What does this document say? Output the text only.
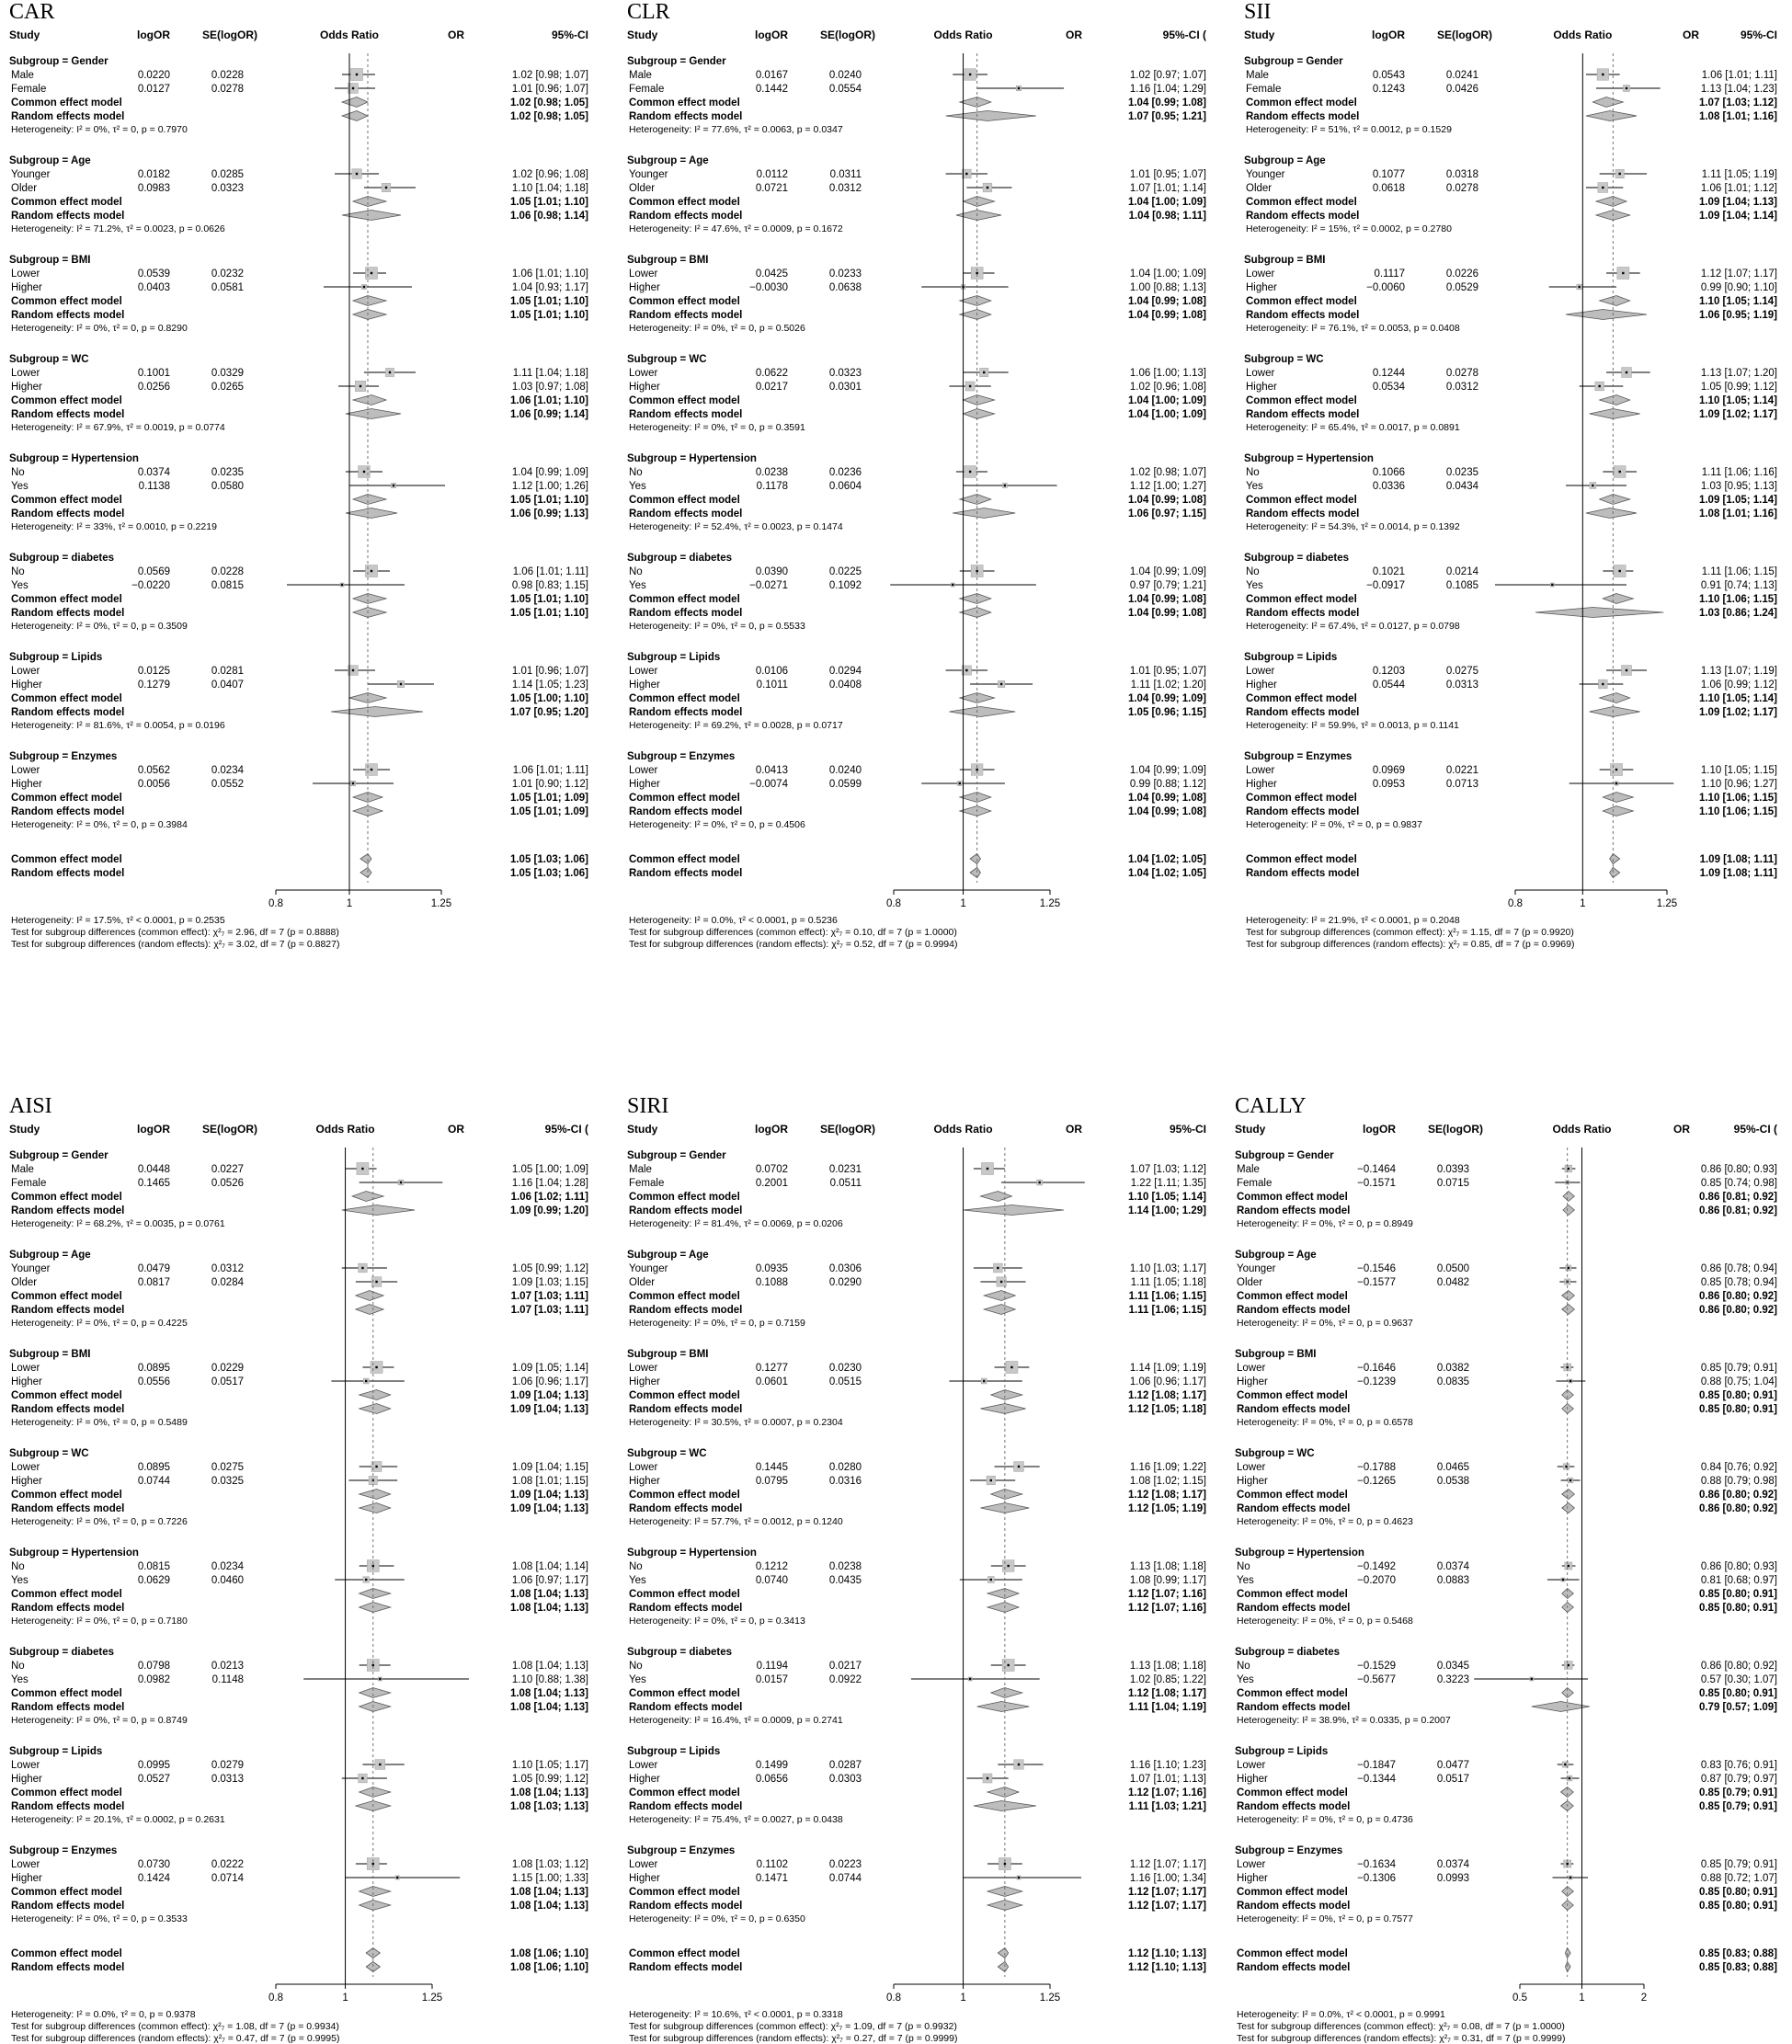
CAR
Study	logOR	SE(logOR)	Odds Ratio	OR	95%-CI
Subgroup = Gender
Male	0.0220	0.0228	1.02 [0.98; 1.07]
Female	0.0127	0.0278	1.01 [0.96; 1.07]
Common effect model	1.02 [0.98; 1.05]
Random effects model	1.02 [0.98; 1.05]
Heterogeneity: I² = 0%, τ² = 0, p = 0.7970
Subgroup = Age
Younger	0.0182	0.0285	1.02 [0.96; 1.08]
Older	0.0983	0.0323	1.10 [1.04; 1.18]
Common effect model	1.05 [1.01; 1.10]
Random effects model	1.06 [0.98; 1.14]
Heterogeneity: I² = 71.2%, τ² = 0.0023, p = 0.0626
Subgroup = BMI
Lower	0.0539	0.0232	1.06 [1.01; 1.10]
Higher	0.0403	0.0581	1.04 [0.93; 1.17]
Common effect model	1.05 [1.01; 1.10]
Random effects model	1.05 [1.01; 1.10]
Heterogeneity: I² = 0%, τ² = 0, p = 0.8290
Subgroup = WC
Lower	0.1001	0.0329	1.11 [1.04; 1.18]
Higher	0.0256	0.0265	1.03 [0.97; 1.08]
Common effect model	1.06 [1.01; 1.10]
Random effects model	1.06 [0.99; 1.14]
Heterogeneity: I² = 67.9%, τ² = 0.0019, p = 0.0774
Subgroup = Hypertension
No	0.0374	0.0235	1.04 [0.99; 1.09]
Yes	0.1138	0.0580	1.12 [1.00; 1.26]
Common effect model	1.05 [1.01; 1.10]
Random effects model	1.06 [0.99; 1.13]
Heterogeneity: I² = 33%, τ² = 0.0010, p = 0.2219
Subgroup = diabetes
No	0.0569	0.0228	1.06 [1.01; 1.11]
Yes	−0.0220	0.0815	0.98 [0.83; 1.15]
Common effect model	1.05 [1.01; 1.10]
Random effects model	1.05 [1.01; 1.10]
Heterogeneity: I² = 0%, τ² = 0, p = 0.3509
Subgroup = Lipids
Lower	0.0125	0.0281	1.01 [0.96; 1.07]
Higher	0.1279	0.0407	1.14 [1.05; 1.23]
Common effect model	1.05 [1.00; 1.10]
Random effects model	1.07 [0.95; 1.20]
Heterogeneity: I² = 81.6%, τ² = 0.0054, p = 0.0196
Subgroup = Enzymes
Lower	0.0562	0.0234	1.06 [1.01; 1.11]
Higher	0.0056	0.0552	1.01 [0.90; 1.12]
Common effect model	1.05 [1.01; 1.09]
Random effects model	1.05 [1.01; 1.09]
Heterogeneity: I² = 0%, τ² = 0, p = 0.3984
Common effect model	1.05 [1.03; 1.06]
Random effects model	1.05 [1.03; 1.06]
0.8	1	1.25
Heterogeneity: I² = 17.5%, τ² < 0.0001, p = 0.2535
Test for subgroup differences (common effect): χ²₇ = 2.96, df = 7 (p = 0.8888)
Test for subgroup differences (random effects): χ²₇ = 3.02, df = 7 (p = 0.8827)
CLR
Study	logOR	SE(logOR)	Odds Ratio	OR	95%-CI (
Subgroup = Gender
Male	0.0167	0.0240	1.02 [0.97; 1.07]
Female	0.1442	0.0554	1.16 [1.04; 1.29]
Common effect model	1.04 [0.99; 1.08]
Random effects model	1.07 [0.95; 1.21]
Heterogeneity: I² = 77.6%, τ² = 0.0063, p = 0.0347
Subgroup = Age
Younger	0.0112	0.0311	1.01 [0.95; 1.07]
Older	0.0721	0.0312	1.07 [1.01; 1.14]
Common effect model	1.04 [1.00; 1.09]
Random effects model	1.04 [0.98; 1.11]
Heterogeneity: I² = 47.6%, τ² = 0.0009, p = 0.1672
Subgroup = BMI
Lower	0.0425	0.0233	1.04 [1.00; 1.09]
Higher	−0.0030	0.0638	1.00 [0.88; 1.13]
Common effect model	1.04 [0.99; 1.08]
Random effects model	1.04 [0.99; 1.08]
Heterogeneity: I² = 0%, τ² = 0, p = 0.5026
Subgroup = WC
Lower	0.0622	0.0323	1.06 [1.00; 1.13]
Higher	0.0217	0.0301	1.02 [0.96; 1.08]
Common effect model	1.04 [1.00; 1.09]
Random effects model	1.04 [1.00; 1.09]
Heterogeneity: I² = 0%, τ² = 0, p = 0.3591
Subgroup = Hypertension
No	0.0238	0.0236	1.02 [0.98; 1.07]
Yes	0.1178	0.0604	1.12 [1.00; 1.27]
Common effect model	1.04 [0.99; 1.08]
Random effects model	1.06 [0.97; 1.15]
Heterogeneity: I² = 52.4%, τ² = 0.0023, p = 0.1474
Subgroup = diabetes
No	0.0390	0.0225	1.04 [0.99; 1.09]
Yes	−0.0271	0.1092	0.97 [0.79; 1.21]
Common effect model	1.04 [0.99; 1.08]
Random effects model	1.04 [0.99; 1.08]
Heterogeneity: I² = 0%, τ² = 0, p = 0.5533
Subgroup = Lipids
Lower	0.0106	0.0294	1.01 [0.95; 1.07]
Higher	0.1011	0.0408	1.11 [1.02; 1.20]
Common effect model	1.04 [0.99; 1.09]
Random effects model	1.05 [0.96; 1.15]
Heterogeneity: I² = 69.2%, τ² = 0.0028, p = 0.0717
Subgroup = Enzymes
Lower	0.0413	0.0240	1.04 [0.99; 1.09]
Higher	−0.0074	0.0599	0.99 [0.88; 1.12]
Common effect model	1.04 [0.99; 1.08]
Random effects model	1.04 [0.99; 1.08]
Heterogeneity: I² = 0%, τ² = 0, p = 0.4506
Common effect model	1.04 [1.02; 1.05]
Random effects model	1.04 [1.02; 1.05]
0.8	1	1.25
Heterogeneity: I² = 0.0%, τ² < 0.0001, p = 0.5236
Test for subgroup differences (common effect): χ²₇ = 0.10, df = 7 (p = 1.0000)
Test for subgroup differences (random effects): χ²₇ = 0.52, df = 7 (p = 0.9994)
SII
Study	logOR	SE(logOR)	Odds Ratio	OR	95%-CI
Subgroup = Gender
Male	0.0543	0.0241	1.06 [1.01; 1.11]
Female	0.1243	0.0426	1.13 [1.04; 1.23]
Common effect model	1.07 [1.03; 1.12]
Random effects model	1.08 [1.01; 1.16]
Heterogeneity: I² = 51%, τ² = 0.0012, p = 0.1529
Subgroup = Age
Younger	0.1077	0.0318	1.11 [1.05; 1.19]
Older	0.0618	0.0278	1.06 [1.01; 1.12]
Common effect model	1.09 [1.04; 1.13]
Random effects model	1.09 [1.04; 1.14]
Heterogeneity: I² = 15%, τ² = 0.0002, p = 0.2780
Subgroup = BMI
Lower	0.1117	0.0226	1.12 [1.07; 1.17]
Higher	−0.0060	0.0529	0.99 [0.90; 1.10]
Common effect model	1.10 [1.05; 1.14]
Random effects model	1.06 [0.95; 1.19]
Heterogeneity: I² = 76.1%, τ² = 0.0053, p = 0.0408
Subgroup = WC
Lower	0.1244	0.0278	1.13 [1.07; 1.20]
Higher	0.0534	0.0312	1.05 [0.99; 1.12]
Common effect model	1.10 [1.05; 1.14]
Random effects model	1.09 [1.02; 1.17]
Heterogeneity: I² = 65.4%, τ² = 0.0017, p = 0.0891
Subgroup = Hypertension
No	0.1066	0.0235	1.11 [1.06; 1.16]
Yes	0.0336	0.0434	1.03 [0.95; 1.13]
Common effect model	1.09 [1.05; 1.14]
Random effects model	1.08 [1.01; 1.16]
Heterogeneity: I² = 54.3%, τ² = 0.0014, p = 0.1392
Subgroup = diabetes
No	0.1021	0.0214	1.11 [1.06; 1.15]
Yes	−0.0917	0.1085	0.91 [0.74; 1.13]
Common effect model	1.10 [1.06; 1.15]
Random effects model	1.03 [0.86; 1.24]
Heterogeneity: I² = 67.4%, τ² = 0.0127, p = 0.0798
Subgroup = Lipids
Lower	0.1203	0.0275	1.13 [1.07; 1.19]
Higher	0.0544	0.0313	1.06 [0.99; 1.12]
Common effect model	1.10 [1.05; 1.14]
Random effects model	1.09 [1.02; 1.17]
Heterogeneity: I² = 59.9%, τ² = 0.0013, p = 0.1141
Subgroup = Enzymes
Lower	0.0969	0.0221	1.10 [1.05; 1.15]
Higher	0.0953	0.0713	1.10 [0.96; 1.27]
Common effect model	1.10 [1.06; 1.15]
Random effects model	1.10 [1.06; 1.15]
Heterogeneity: I² = 0%, τ² = 0, p = 0.9837
Common effect model	1.09 [1.08; 1.11]
Random effects model	1.09 [1.08; 1.11]
0.8	1	1.25
Heterogeneity: I² = 21.9%, τ² < 0.0001, p = 0.2048
Test for subgroup differences (common effect): χ²₇ = 1.15, df = 7 (p = 0.9920)
Test for subgroup differences (random effects): χ²₇ = 0.85, df = 7 (p = 0.9969)
AISI
Study	logOR	SE(logOR)	Odds Ratio	OR	95%-CI (
Subgroup = Gender
Male	0.0448	0.0227	1.05 [1.00; 1.09]
Female	0.1465	0.0526	1.16 [1.04; 1.28]
Common effect model	1.06 [1.02; 1.11]
Random effects model	1.09 [0.99; 1.20]
Heterogeneity: I² = 68.2%, τ² = 0.0035, p = 0.0761
Subgroup = Age
Younger	0.0479	0.0312	1.05 [0.99; 1.12]
Older	0.0817	0.0284	1.09 [1.03; 1.15]
Common effect model	1.07 [1.03; 1.11]
Random effects model	1.07 [1.03; 1.11]
Heterogeneity: I² = 0%, τ² = 0, p = 0.4225
Subgroup = BMI
Lower	0.0895	0.0229	1.09 [1.05; 1.14]
Higher	0.0556	0.0517	1.06 [0.96; 1.17]
Common effect model	1.09 [1.04; 1.13]
Random effects model	1.09 [1.04; 1.13]
Heterogeneity: I² = 0%, τ² = 0, p = 0.5489
Subgroup = WC
Lower	0.0895	0.0275	1.09 [1.04; 1.15]
Higher	0.0744	0.0325	1.08 [1.01; 1.15]
Common effect model	1.09 [1.04; 1.13]
Random effects model	1.09 [1.04; 1.13]
Heterogeneity: I² = 0%, τ² = 0, p = 0.7226
Subgroup = Hypertension
No	0.0815	0.0234	1.08 [1.04; 1.14]
Yes	0.0629	0.0460	1.06 [0.97; 1.17]
Common effect model	1.08 [1.04; 1.13]
Random effects model	1.08 [1.04; 1.13]
Heterogeneity: I² = 0%, τ² = 0, p = 0.7180
Subgroup = diabetes
No	0.0798	0.0213	1.08 [1.04; 1.13]
Yes	0.0982	0.1148	1.10 [0.88; 1.38]
Common effect model	1.08 [1.04; 1.13]
Random effects model	1.08 [1.04; 1.13]
Heterogeneity: I² = 0%, τ² = 0, p = 0.8749
Subgroup = Lipids
Lower	0.0995	0.0279	1.10 [1.05; 1.17]
Higher	0.0527	0.0313	1.05 [0.99; 1.12]
Common effect model	1.08 [1.04; 1.13]
Random effects model	1.08 [1.03; 1.13]
Heterogeneity: I² = 20.1%, τ² = 0.0002, p = 0.2631
Subgroup = Enzymes
Lower	0.0730	0.0222	1.08 [1.03; 1.12]
Higher	0.1424	0.0714	1.15 [1.00; 1.33]
Common effect model	1.08 [1.04; 1.13]
Random effects model	1.08 [1.04; 1.13]
Heterogeneity: I² = 0%, τ² = 0, p = 0.3533
Common effect model	1.08 [1.06; 1.10]
Random effects model	1.08 [1.06; 1.10]
0.8	1	1.25
Heterogeneity: I² = 0.0%, τ² = 0, p = 0.9378
Test for subgroup differences (common effect): χ²₇ = 1.08, df = 7 (p = 0.9934)
Test for subgroup differences (random effects): χ²₇ = 0.47, df = 7 (p = 0.9995)
SIRI
Study	logOR	SE(logOR)	Odds Ratio	OR	95%-CI
Subgroup = Gender
Male	0.0702	0.0231	1.07 [1.03; 1.12]
Female	0.2001	0.0511	1.22 [1.11; 1.35]
Common effect model	1.10 [1.05; 1.14]
Random effects model	1.14 [1.00; 1.29]
Heterogeneity: I² = 81.4%, τ² = 0.0069, p = 0.0206
Subgroup = Age
Younger	0.0935	0.0306	1.10 [1.03; 1.17]
Older	0.1088	0.0290	1.11 [1.05; 1.18]
Common effect model	1.11 [1.06; 1.15]
Random effects model	1.11 [1.06; 1.15]
Heterogeneity: I² = 0%, τ² = 0, p = 0.7159
Subgroup = BMI
Lower	0.1277	0.0230	1.14 [1.09; 1.19]
Higher	0.0601	0.0515	1.06 [0.96; 1.17]
Common effect model	1.12 [1.08; 1.17]
Random effects model	1.12 [1.05; 1.18]
Heterogeneity: I² = 30.5%, τ² = 0.0007, p = 0.2304
Subgroup = WC
Lower	0.1445	0.0280	1.16 [1.09; 1.22]
Higher	0.0795	0.0316	1.08 [1.02; 1.15]
Common effect model	1.12 [1.08; 1.17]
Random effects model	1.12 [1.05; 1.19]
Heterogeneity: I² = 57.7%, τ² = 0.0012, p = 0.1240
Subgroup = Hypertension
No	0.1212	0.0238	1.13 [1.08; 1.18]
Yes	0.0740	0.0435	1.08 [0.99; 1.17]
Common effect model	1.12 [1.07; 1.16]
Random effects model	1.12 [1.07; 1.16]
Heterogeneity: I² = 0%, τ² = 0, p = 0.3413
Subgroup = diabetes
No	0.1194	0.0217	1.13 [1.08; 1.18]
Yes	0.0157	0.0922	1.02 [0.85; 1.22]
Common effect model	1.12 [1.08; 1.17]
Random effects model	1.11 [1.04; 1.19]
Heterogeneity: I² = 16.4%, τ² = 0.0009, p = 0.2741
Subgroup = Lipids
Lower	0.1499	0.0287	1.16 [1.10; 1.23]
Higher	0.0656	0.0303	1.07 [1.01; 1.13]
Common effect model	1.12 [1.07; 1.16]
Random effects model	1.11 [1.03; 1.21]
Heterogeneity: I² = 75.4%, τ² = 0.0027, p = 0.0438
Subgroup = Enzymes
Lower	0.1102	0.0223	1.12 [1.07; 1.17]
Higher	0.1471	0.0744	1.16 [1.00; 1.34]
Common effect model	1.12 [1.07; 1.17]
Random effects model	1.12 [1.07; 1.17]
Heterogeneity: I² = 0%, τ² = 0, p = 0.6350
Common effect model	1.12 [1.10; 1.13]
Random effects model	1.12 [1.10; 1.13]
0.8	1	1.25
Heterogeneity: I² = 10.6%, τ² < 0.0001, p = 0.3318
Test for subgroup differences (common effect): χ²₇ = 1.09, df = 7 (p = 0.9932)
Test for subgroup differences (random effects): χ²₇ = 0.27, df = 7 (p = 0.9999)
CALLY
Study	logOR	SE(logOR)	Odds Ratio	OR	95%-CI (
Subgroup = Gender
Male	−0.1464	0.0393	0.86 [0.80; 0.93]
Female	−0.1571	0.0715	0.85 [0.74; 0.98]
Common effect model	0.86 [0.81; 0.92]
Random effects model	0.86 [0.81; 0.92]
Heterogeneity: I² = 0%, τ² = 0, p = 0.8949
Subgroup = Age
Younger	−0.1546	0.0500	0.86 [0.78; 0.94]
Older	−0.1577	0.0482	0.85 [0.78; 0.94]
Common effect model	0.86 [0.80; 0.92]
Random effects model	0.86 [0.80; 0.92]
Heterogeneity: I² = 0%, τ² = 0, p = 0.9637
Subgroup = BMI
Lower	−0.1646	0.0382	0.85 [0.79; 0.91]
Higher	−0.1239	0.0835	0.88 [0.75; 1.04]
Common effect model	0.85 [0.80; 0.91]
Random effects model	0.85 [0.80; 0.91]
Heterogeneity: I² = 0%, τ² = 0, p = 0.6578
Subgroup = WC
Lower	−0.1788	0.0465	0.84 [0.76; 0.92]
Higher	−0.1265	0.0538	0.88 [0.79; 0.98]
Common effect model	0.86 [0.80; 0.92]
Random effects model	0.86 [0.80; 0.92]
Heterogeneity: I² = 0%, τ² = 0, p = 0.4623
Subgroup = Hypertension
No	−0.1492	0.0374	0.86 [0.80; 0.93]
Yes	−0.2070	0.0883	0.81 [0.68; 0.97]
Common effect model	0.85 [0.80; 0.91]
Random effects model	0.85 [0.80; 0.91]
Heterogeneity: I² = 0%, τ² = 0, p = 0.5468
Subgroup = diabetes
No	−0.1529	0.0345	0.86 [0.80; 0.92]
Yes	−0.5677	0.3223	0.57 [0.30; 1.07]
Common effect model	0.85 [0.80; 0.91]
Random effects model	0.79 [0.57; 1.09]
Heterogeneity: I² = 38.9%, τ² = 0.0335, p = 0.2007
Subgroup = Lipids
Lower	−0.1847	0.0477	0.83 [0.76; 0.91]
Higher	−0.1344	0.0517	0.87 [0.79; 0.97]
Common effect model	0.85 [0.79; 0.91]
Random effects model	0.85 [0.79; 0.91]
Heterogeneity: I² = 0%, τ² = 0, p = 0.4736
Subgroup = Enzymes
Lower	−0.1634	0.0374	0.85 [0.79; 0.91]
Higher	−0.1306	0.0993	0.88 [0.72; 1.07]
Common effect model	0.85 [0.80; 0.91]
Random effects model	0.85 [0.80; 0.91]
Heterogeneity: I² = 0%, τ² = 0, p = 0.7577
Common effect model	0.85 [0.83; 0.88]
Random effects model	0.85 [0.83; 0.88]
0.5	1	2
Heterogeneity: I² = 0.0%, τ² < 0.0001, p = 0.9991
Test for subgroup differences (common effect): χ²₇ = 0.08, df = 7 (p = 1.0000)
Test for subgroup differences (random effects): χ²₇ = 0.31, df = 7 (p = 0.9999)
